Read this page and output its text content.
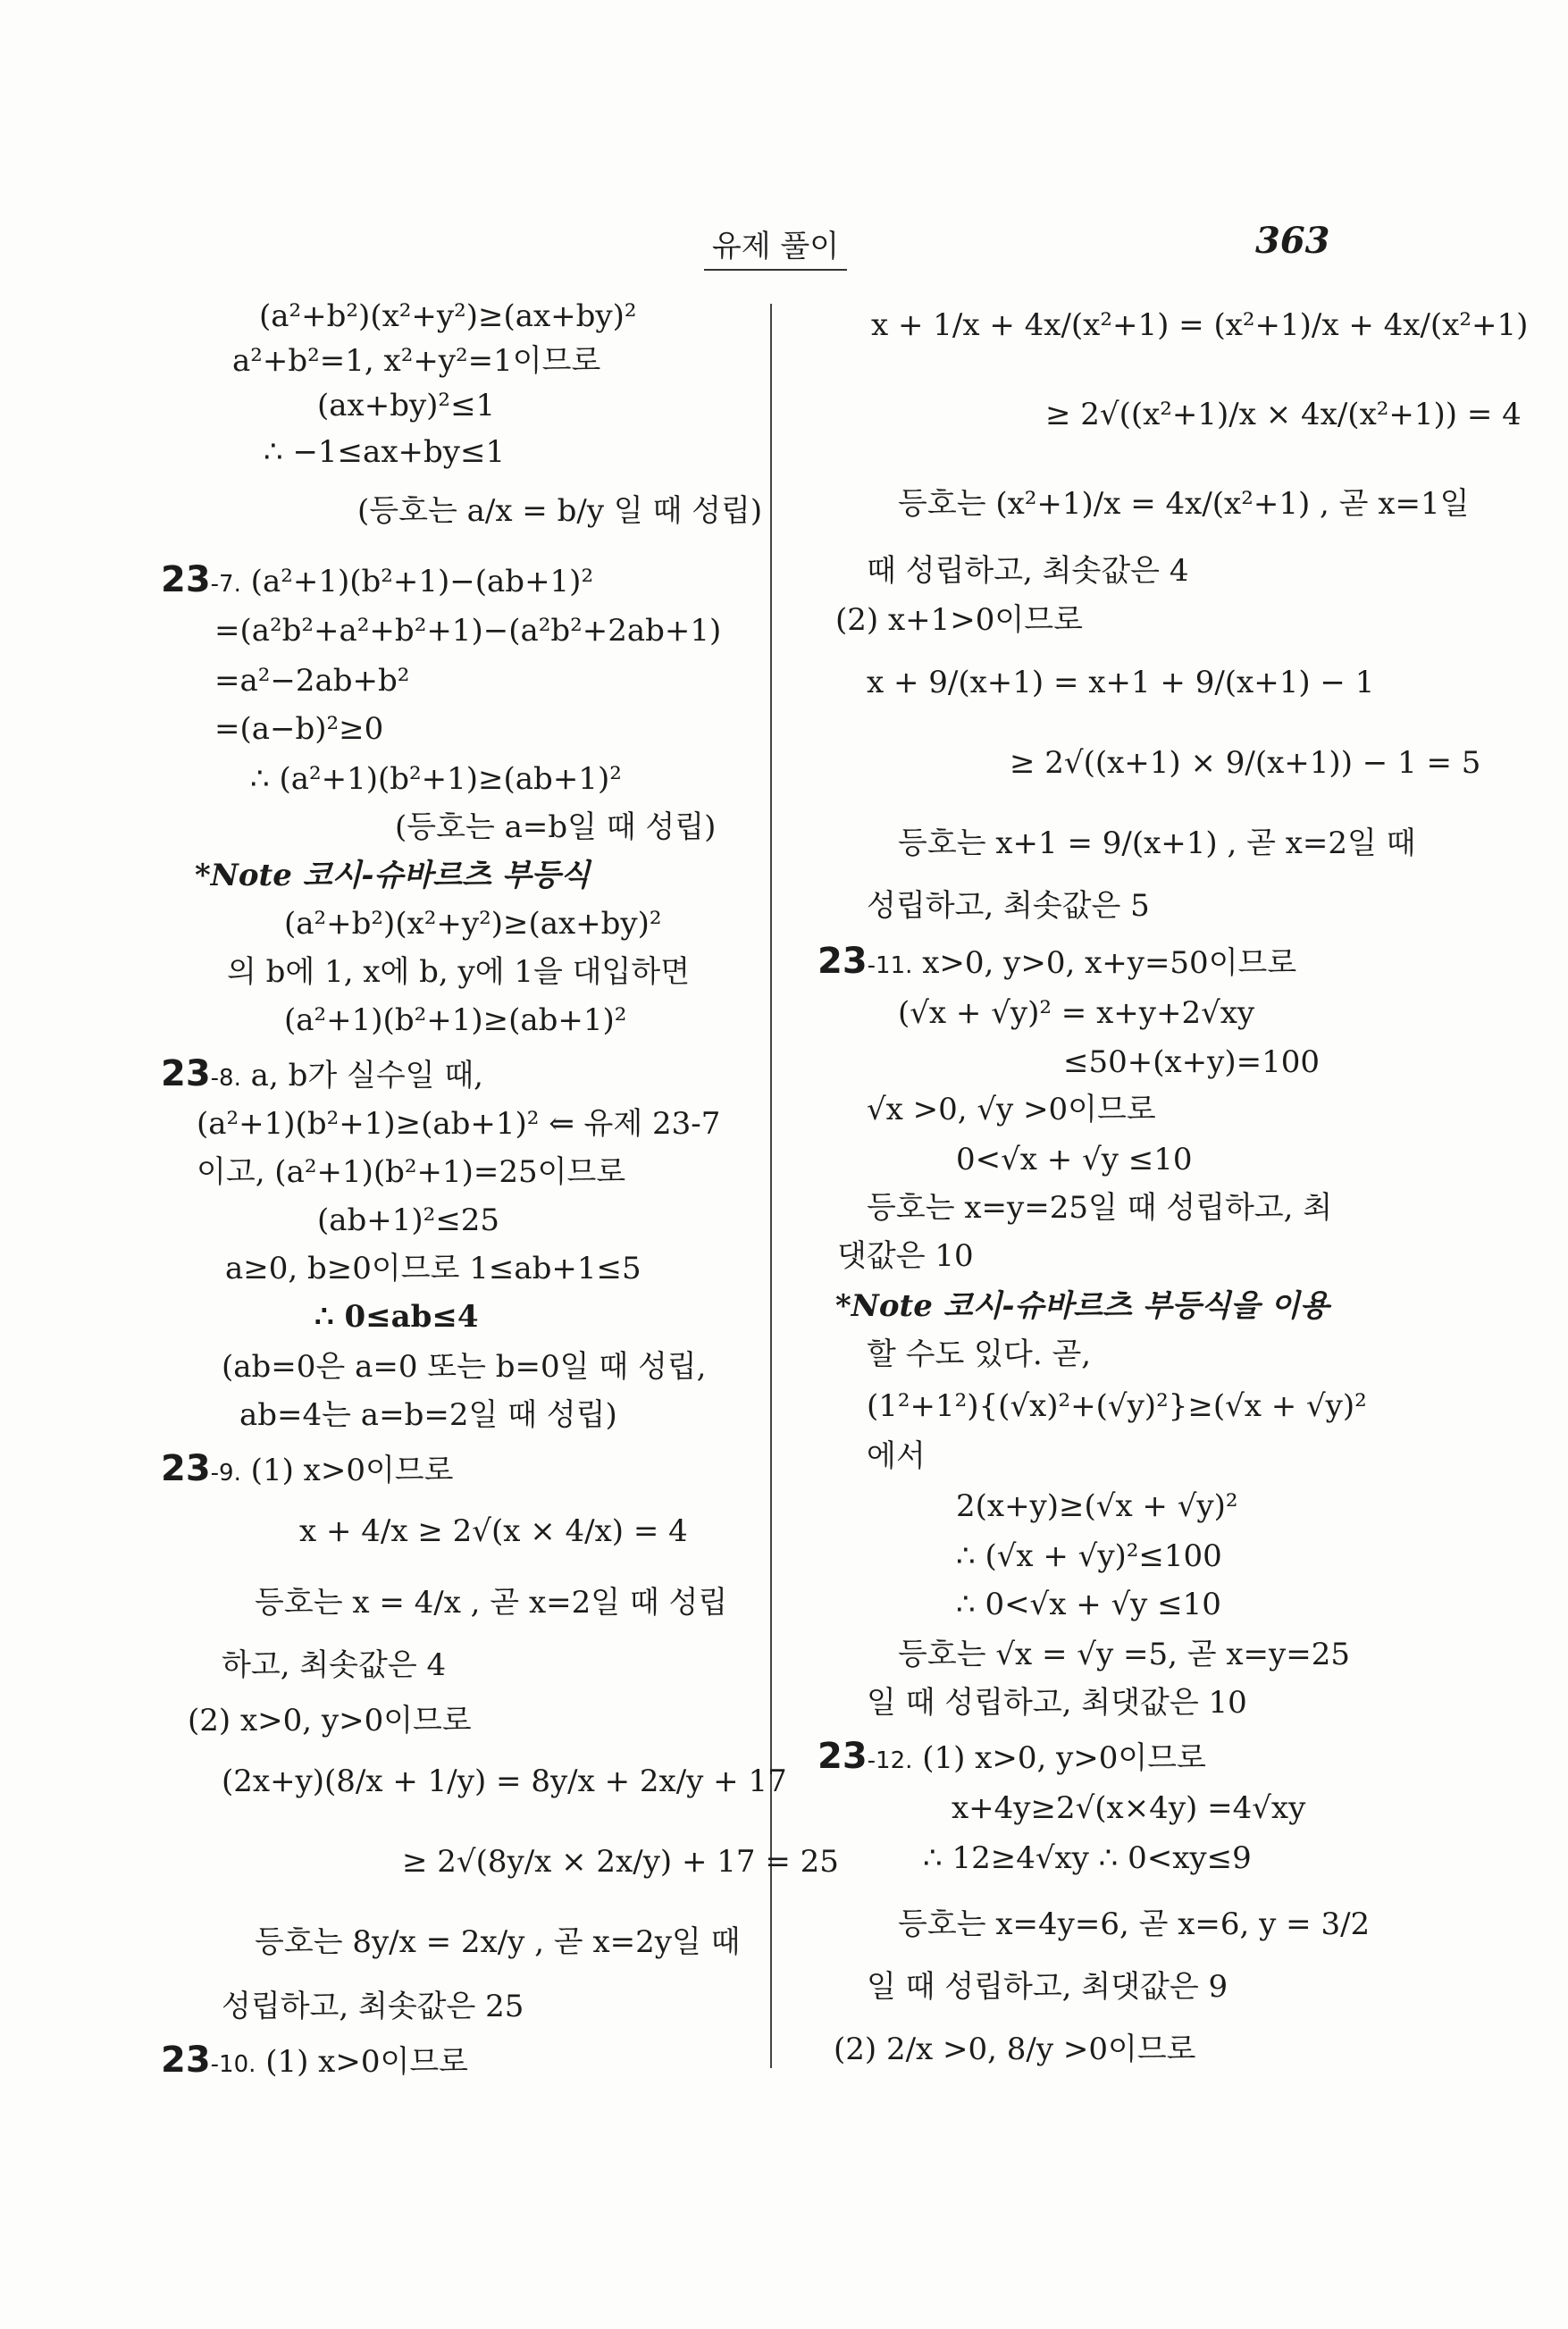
유제 풀이	363
(a²+b²)(x²+y²)≥(ax+by)²
a²+b²=1, x²+y²=1이므로
(ax+by)²≤1
∴ −1≤ax+by≤1
(등호는 a/x = b/y 일 때 성립)
23-7. (a²+1)(b²+1)−(ab+1)²
=(a²b²+a²+b²+1)−(a²b²+2ab+1)
=a²−2ab+b²
=(a−b)²≥0
∴ (a²+1)(b²+1)≥(ab+1)²
(등호는 a=b일 때 성립)
*Note 코시-슈바르츠 부등식
(a²+b²)(x²+y²)≥(ax+by)²
의 b에 1, x에 b, y에 1을 대입하면
(a²+1)(b²+1)≥(ab+1)²
23-8. a, b가 실수일 때,
(a²+1)(b²+1)≥(ab+1)² ⇐ 유제 23-7
이고, (a²+1)(b²+1)=25이므로
(ab+1)²≤25
a≥0, b≥0이므로 1≤ab+1≤5
∴ 0≤ab≤4
(ab=0은 a=0 또는 b=0일 때 성립,
ab=4는 a=b=2일 때 성립)
23-9. (1) x>0이므로
x + 4/x ≥ 2√(x × 4/x) = 4
등호는 x = 4/x , 곧 x=2일 때 성립
하고, 최솟값은 4
(2) x>0, y>0이므로
(2x+y)(8/x + 1/y) = 8y/x + 2x/y + 17
≥ 2√(8y/x × 2x/y) + 17 = 25
등호는 8y/x = 2x/y , 곧 x=2y일 때
성립하고, 최솟값은 25
23-10. (1) x>0이므로
x + 1/x + 4x/(x²+1) = (x²+1)/x + 4x/(x²+1)
≥ 2√((x²+1)/x × 4x/(x²+1)) = 4
등호는 (x²+1)/x = 4x/(x²+1) , 곧 x=1일
때 성립하고, 최솟값은 4
(2) x+1>0이므로
x + 9/(x+1) = x+1 + 9/(x+1) − 1
≥ 2√((x+1) × 9/(x+1)) − 1 = 5
등호는 x+1 = 9/(x+1) , 곧 x=2일 때
성립하고, 최솟값은 5
23-11. x>0, y>0, x+y=50이므로
(√x + √y)² = x+y+2√xy
≤50+(x+y)=100
√x >0, √y >0이므로
0<√x + √y ≤10
등호는 x=y=25일 때 성립하고, 최
댓값은 10
*Note 코시-슈바르츠 부등식을 이용
할 수도 있다. 곧,
(1²+1²){(√x)²+(√y)²}≥(√x + √y)²
에서
2(x+y)≥(√x + √y)²
∴ (√x + √y)²≤100
∴ 0<√x + √y ≤10
등호는 √x = √y =5, 곧 x=y=25
일 때 성립하고, 최댓값은 10
23-12. (1) x>0, y>0이므로
x+4y≥2√(x×4y) =4√xy
∴ 12≥4√xy ∴ 0<xy≤9
등호는 x=4y=6, 곧 x=6, y = 3/2
일 때 성립하고, 최댓값은 9
(2) 2/x >0, 8/y >0이므로
